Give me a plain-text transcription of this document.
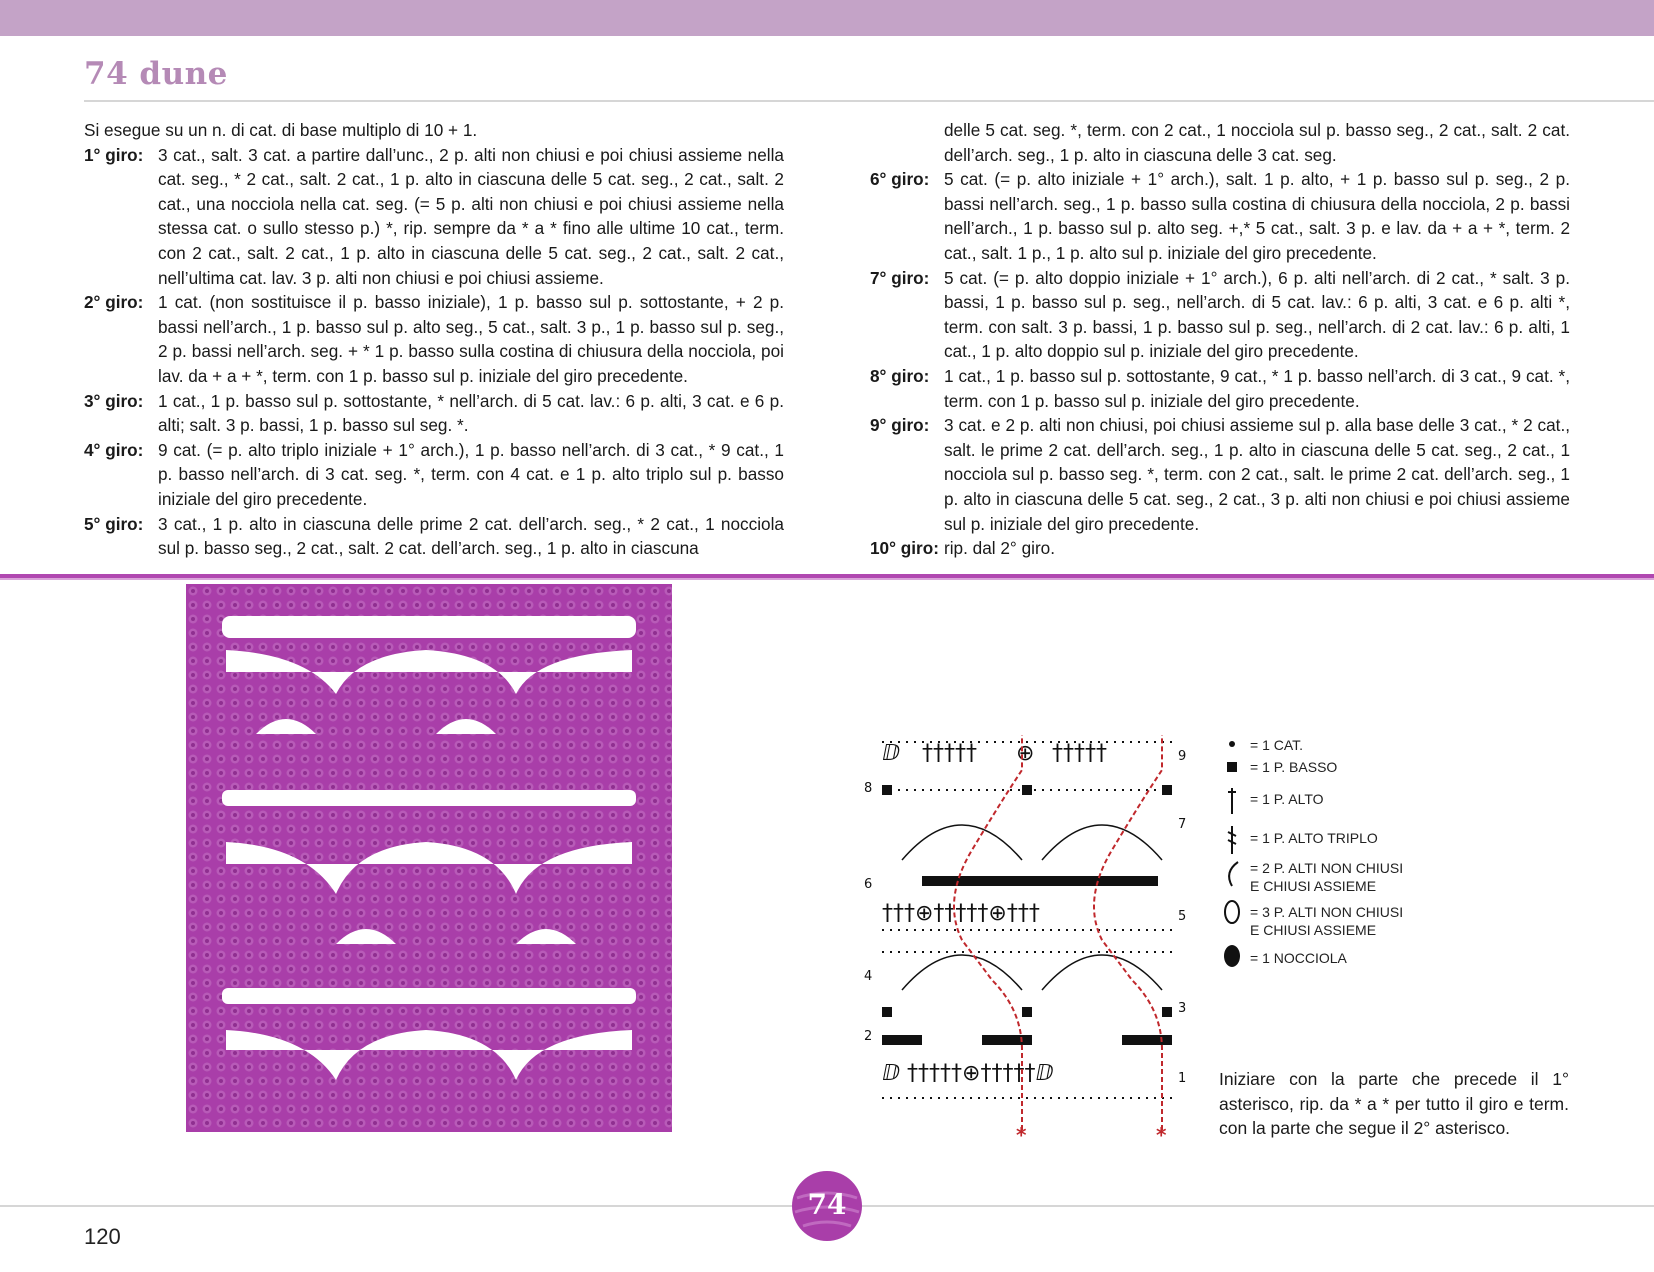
74 dune

Si esegue su un n. di cat. di base multiplo di 10 + 1.

1° giro: 3 cat., salt. 3 cat. a partire dall’unc., 2 p. alti non chiusi e poi chiusi assieme nella cat. seg., * 2 cat., salt. 2 cat., 1 p. alto in ciascuna delle 5 cat. seg., 2 cat., salt. 2 cat., una nocciola nella cat. seg. (= 5 p. alti non chiusi e poi chiusi assieme nella stessa cat. o sullo stesso p.) *, rip. sempre da * a * fino alle ultime 10 cat., term. con 2 cat., salt. 2 cat., 1 p. alto in ciascuna delle 5 cat. seg., 2 cat., salt. 2 cat., nell’ultima cat. lav. 3 p. alti non chiusi e poi chiusi assieme.
2° giro: 1 cat. (non sostituisce il p. basso iniziale), 1 p. basso sul p. sottostante, + 2 p. bassi nell’arch., 1 p. basso sul p. alto seg., 5 cat., salt. 3 p., 1 p. basso sul p. seg., 2 p. bassi nell’arch. seg. + * 1 p. basso sulla costina di chiusura della nocciola, poi lav. da + a + *, term. con 1 p. basso sul p. iniziale del giro precedente.
3° giro: 1 cat., 1 p. basso sul p. sottostante, * nell’arch. di 5 cat. lav.: 6 p. alti, 3 cat. e 6 p. alti; salt. 3 p. bassi, 1 p. basso sul seg. *.
4° giro: 9 cat. (= p. alto triplo iniziale + 1° arch.), 1 p. basso nell’arch. di 3 cat., * 9 cat., 1 p. basso nell’arch. di 3 cat. seg. *, term. con 4 cat. e 1 p. alto triplo sul p. basso iniziale del giro precedente.
5° giro: 3 cat., 1 p. alto in ciascuna delle prime 2 cat. dell’arch. seg., * 2 cat., 1 nocciola sul p. basso seg., 2 cat., salt. 2 cat. dell’arch. seg., 1 p. alto in ciascuna
delle 5 cat. seg. *, term. con 2 cat., 1 nocciola sul p. basso seg., 2 cat., salt. 2 cat. dell’arch. seg., 1 p. alto in ciascuna delle 3 cat. seg.
6° giro: 5 cat. (= p. alto iniziale + 1° arch.), salt. 1 p. alto, + 1 p. basso sul p. seg., 2 p. bassi nell’arch. seg., 1 p. basso sulla costina di chiusura della nocciola, 2 p. bassi nell’arch., 1 p. basso sul p. alto seg. +,* 5 cat., salt. 3 p. e lav. da + a + *, term. 2 cat., salt. 1 p., 1 p. alto sul p. iniziale del giro precedente.
7° giro: 5 cat. (= p. alto doppio iniziale + 1° arch.), 6 p. alti nell’arch. di 2 cat., * salt. 3 p. bassi, 1 p. basso sul p. seg., nell’arch. di 5 cat. lav.: 6 p. alti, 3 cat. e 6 p. alti *, term. con salt. 3 p. bassi, 1 p. basso sul p. seg., nell’arch. di 2 cat. lav.: 6 p. alti, 1 cat., 1 p. alto doppio sul p. iniziale del giro precedente.
8° giro: 1 cat., 1 p. basso sul p. sottostante, 9 cat., * 1 p. basso nell’arch. di 3 cat., 9 cat. *, term. con 1 p. basso sul p. iniziale del giro precedente.
9° giro: 3 cat. e 2 p. alti non chiusi, poi chiusi assieme sul p. alla base delle 3 cat., * 2 cat., salt. le prime 2 cat. dell’arch. seg., 1 p. alto in ciascuna delle 5 cat. seg., 2 cat., 1 nocciola sul p. basso seg. *, term. con 2 cat., salt. le prime 2 cat. dell’arch. seg., 1 p. alto in ciascuna delle 5 cat. seg., 2 cat., 3 p. alti non chiusi e poi chiusi assieme sul p. iniziale del giro precedente.
10° giro: rip. dal 2° giro.
ⅅ ††††† ⊕ †††††
†††⊕†††††⊕†††
ⅅ †††††⊕†††††ⅅ	1
2
3
4
5
6
7
8
9
*	*
= 1 CAT.
= 1 P. BASSO
= 1 P. ALTO
= 1 P. ALTO TRIPLO
= 2 P. ALTI NON CHIUSI
E CHIUSI ASSIEME
= 3 P. ALTI NON CHIUSI
E CHIUSI ASSIEME
= 1 NOCCIOLA
Iniziare con la parte che precede il 1° asterisco, rip. da * a * per tutto il giro e term. con la parte che segue il 2° asterisco.
74
120
